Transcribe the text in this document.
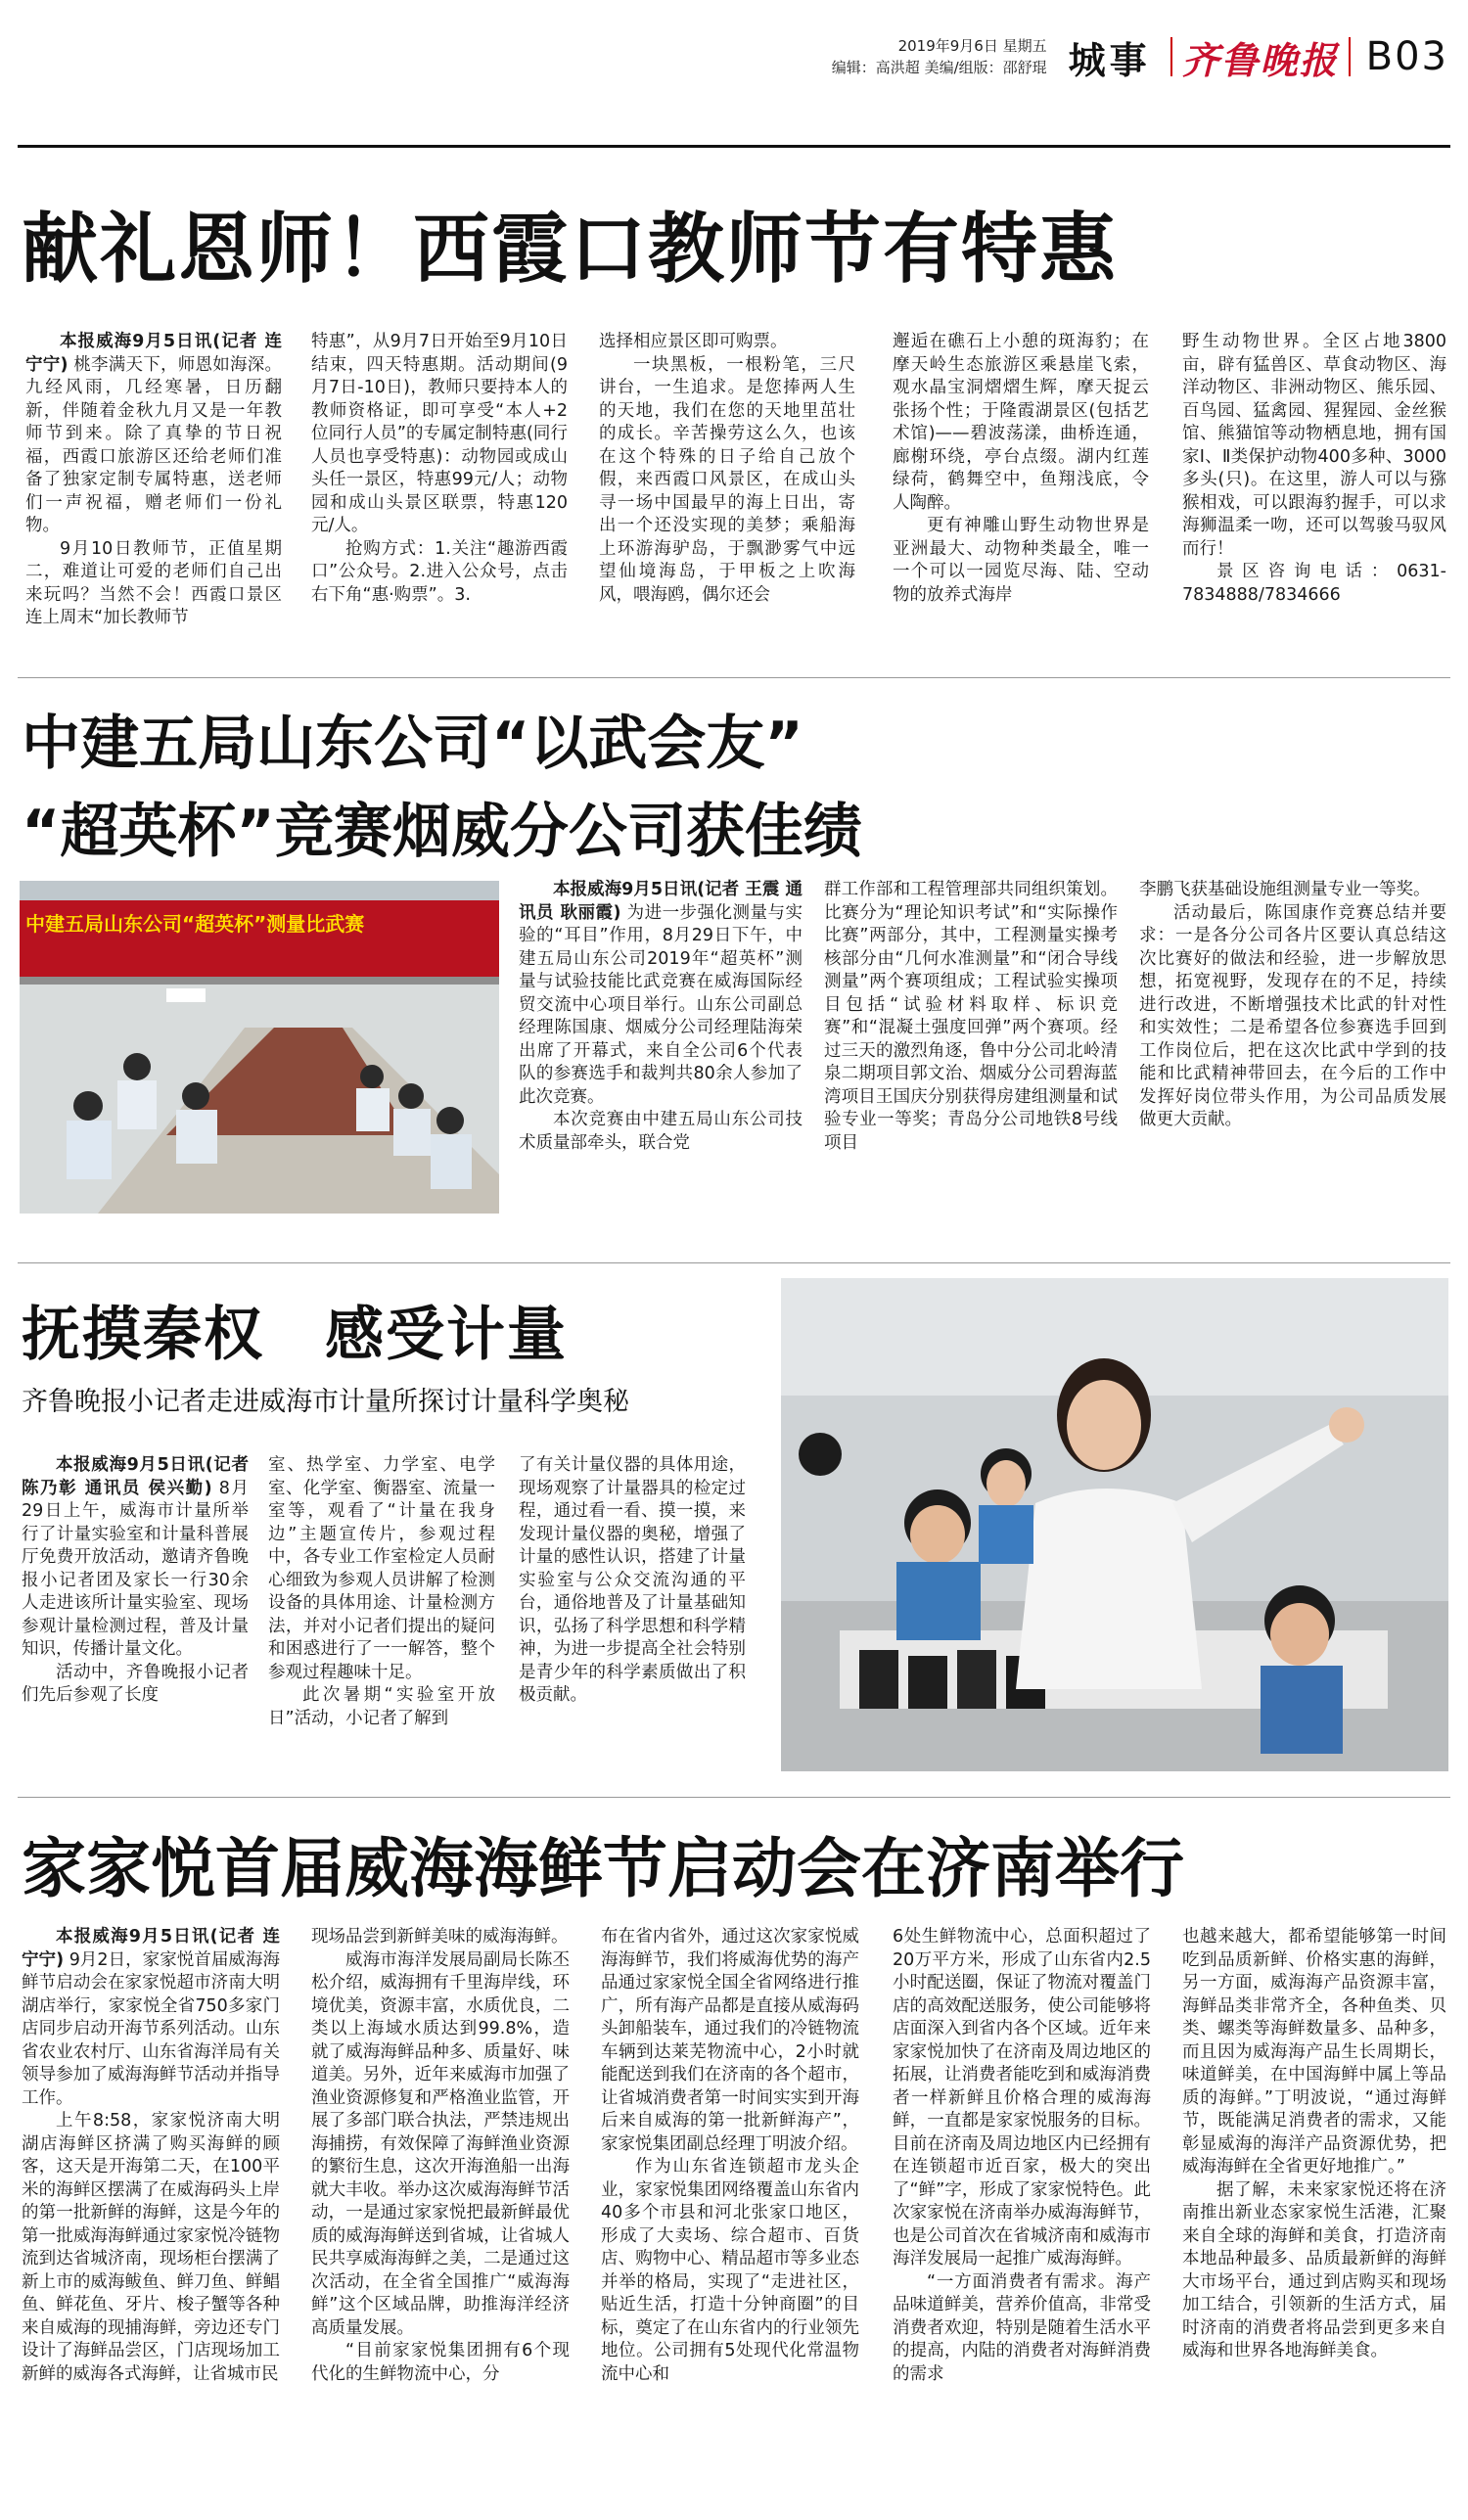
2019年9月6日 星期五
编辑：高洪超 美编/组版：邵舒琨 城事 齐鲁晚报 B03
献礼恩师！西霞口教师节有特惠

本报威海9月5日讯(记者 连宁宁) 桃李满天下，师恩如海深。九经风雨，几经寒暑，日历翻新，伴随着金秋九月又是一年教师节到来。除了真挚的节日祝福，西霞口旅游区还给老师们准备了独家定制专属特惠，送老师们一声祝福，赠老师们一份礼物。

9月10日教师节，正值星期二，难道让可爱的老师们自己出来玩吗？当然不会！西霞口景区连上周末“加长教师节

特惠”，从9月7日开始至9月10日结束，四天特惠期。活动期间(9月7日-10日)，教师只要持本人的教师资格证，即可享受“本人+2位同行人员”的专属定制特惠(同行人员也享受特惠)：动物园或成山头任一景区，特惠99元/人；动物园和成山头景区联票，特惠120元/人。

抢购方式：1.关注“趣游西霞口”公众号。2.进入公众号，点击右下角“惠·购票”。3.

选择相应景区即可购票。

一块黑板，一根粉笔，三尺讲台，一生追求。是您捧两人生的天地，我们在您的天地里茁壮的成长。辛苦操劳这么久，也该在这个特殊的日子给自己放个假，来西霞口风景区，在成山头寻一场中国最早的海上日出，寄出一个还没实现的美梦；乘船海上环游海驴岛，于飘渺雾气中远望仙境海岛，于甲板之上吹海风，喂海鸥，偶尔还会

邂逅在礁石上小憩的斑海豹；在摩天岭生态旅游区乘悬崖飞索，观水晶宝洞熠熠生辉，摩天捉云张扬个性；于隆霞湖景区(包括艺术馆)——碧波荡漾，曲桥连通，廊榭环绕，亭台点缀。湖内红莲绿荷，鹤舞空中，鱼翔浅底，令人陶醉。

更有神雕山野生动物世界是亚洲最大、动物种类最全，唯一一个可以一园览尽海、陆、空动物的放养式海岸

野生动物世界。全区占地3800亩，辟有猛兽区、草食动物区、海洋动物区、非洲动物区、熊乐园、百鸟园、猛禽园、猩猩园、金丝猴馆、熊猫馆等动物栖息地，拥有国家Ⅰ、Ⅱ类保护动物400多种、3000多头(只)。在这里，游人可以与猕猴相戏，可以跟海豹握手，可以求海狮温柔一吻，还可以驾骏马驭风而行！

景区咨询电话：0631-7834888/7834666

中建五局山东公司“以武会友”
“超英杯”竞赛烟威分公司获佳绩
中建五局山东公司“超英杯”测量比武赛

本报威海9月5日讯(记者 王震 通讯员 耿丽霞) 为进一步强化测量与实验的“耳目”作用，8月29日下午，中建五局山东公司2019年“超英杯”测量与试验技能比武竞赛在威海国际经贸交流中心项目举行。山东公司副总经理陈国康、烟威分公司经理陆海荣出席了开幕式，来自全公司6个代表队的参赛选手和裁判共80余人参加了此次竞赛。

本次竞赛由中建五局山东公司技术质量部牵头，联合党

群工作部和工程管理部共同组织策划。比赛分为“理论知识考试”和“实际操作比赛”两部分，其中，工程测量实操考核部分由“几何水准测量”和“闭合导线测量”两个赛项组成；工程试验实操项目包括“试验材料取样、标识竞赛”和“混凝土强度回弹”两个赛项。经过三天的激烈角逐，鲁中分公司北岭清泉二期项目郭文治、烟威分公司碧海蓝湾项目王国庆分别获得房建组测量和试验专业一等奖；青岛分公司地铁8号线项目

李鹏飞获基础设施组测量专业一等奖。

活动最后，陈国康作竞赛总结并要求：一是各分公司各片区要认真总结这次比赛好的做法和经验，进一步解放思想，拓宽视野，发现存在的不足，持续进行改进，不断增强技术比武的针对性和实效性；二是希望各位参赛选手回到工作岗位后，把在这次比武中学到的技能和比武精神带回去，在今后的工作中发挥好岗位带头作用，为公司品质发展做更大贡献。

抚摸秦权　感受计量
齐鲁晚报小记者走进威海市计量所探讨计量科学奥秘

本报威海9月5日讯(记者 陈乃彰 通讯员 侯兴勤) 8月29日上午，威海市计量所举行了计量实验室和计量科普展厅免费开放活动，邀请齐鲁晚报小记者团及家长一行30余人走进该所计量实验室、现场参观计量检测过程，普及计量知识，传播计量文化。

活动中，齐鲁晚报小记者们先后参观了长度

室、热学室、力学室、电学室、化学室、衡器室、流量一室等，观看了“计量在我身边”主题宣传片，参观过程中，各专业工作室检定人员耐心细致为参观人员讲解了检测设备的具体用途、计量检测方法，并对小记者们提出的疑问和困惑进行了一一解答，整个参观过程趣味十足。

此次暑期“实验室开放日”活动，小记者了解到

了有关计量仪器的具体用途，现场观察了计量器具的检定过程，通过看一看、摸一摸，来发现计量仪器的奥秘，增强了计量的感性认识，搭建了计量实验室与公众交流沟通的平台，通俗地普及了计量基础知识，弘扬了科学思想和科学精神，为进一步提高全社会特别是青少年的科学素质做出了积极贡献。

家家悦首届威海海鲜节启动会在济南举行

本报威海9月5日讯(记者 连宁宁) 9月2日，家家悦首届威海海鲜节启动会在家家悦超市济南大明湖店举行，家家悦全省750多家门店同步启动开海节系列活动。山东省农业农村厅、山东省海洋局有关领导参加了威海海鲜节活动并指导工作。

上午8:58，家家悦济南大明湖店海鲜区挤满了购买海鲜的顾客，这天是开海第二天，在100平米的海鲜区摆满了在威海码头上岸的第一批新鲜的海鲜，这是今年的第一批威海海鲜通过家家悦冷链物流到达省城济南，现场柜台摆满了新上市的威海鲅鱼、鲜刀鱼、鲜鲳鱼、鲜花鱼、牙片、梭子蟹等各种来自威海的现捕海鲜，旁边还专门设计了海鲜品尝区，门店现场加工新鲜的威海各式海鲜，让省城市民

现场品尝到新鲜美味的威海海鲜。

威海市海洋发展局副局长陈丕松介绍，威海拥有千里海岸线，环境优美，资源丰富，水质优良，二类以上海域水质达到99.8%，造就了威海海鲜品种多、质量好、味道美。另外，近年来威海市加强了渔业资源修复和严格渔业监管，开展了多部门联合执法，严禁违规出海捕捞，有效保障了海鲜渔业资源的繁衍生息，这次开海渔船一出海就大丰收。举办这次威海海鲜节活动，一是通过家家悦把最新鲜最优质的威海海鲜送到省城，让省城人民共享威海海鲜之美，二是通过这次活动，在全省全国推广“威海海鲜”这个区域品牌，助推海洋经济高质量发展。

“目前家家悦集团拥有6个现代化的生鲜物流中心，分

布在省内省外，通过这次家家悦威海海鲜节，我们将威海优势的海产品通过家家悦全国全省网络进行推广，所有海产品都是直接从威海码头卸船装车，通过我们的冷链物流车辆到达莱芜物流中心，2小时就能配送到我们在济南的各个超市，让省城消费者第一时间实实到开海后来自威海的第一批新鲜海产”，家家悦集团副总经理丁明波介绍。

作为山东省连锁超市龙头企业，家家悦集团网络覆盖山东省内40多个市县和河北张家口地区，形成了大卖场、综合超市、百货店、购物中心、精品超市等多业态并举的格局，实现了“走进社区，贴近生活，打造十分钟商圈”的目标，奠定了在山东省内的行业领先地位。公司拥有5处现代化常温物流中心和

6处生鲜物流中心，总面积超过了20万平方米，形成了山东省内2.5小时配送圈，保证了物流对覆盖门店的高效配送服务，使公司能够将店面深入到省内各个区域。近年来家家悦加快了在济南及周边地区的拓展，让消费者能吃到和威海消费者一样新鲜且价格合理的威海海鲜，一直都是家家悦服务的目标。目前在济南及周边地区内已经拥有在连锁超市近百家，极大的突出了“鲜”字，形成了家家悦特色。此次家家悦在济南举办威海海鲜节，也是公司首次在省城济南和威海市海洋发展局一起推广威海海鲜。

“一方面消费者有需求。海产品味道鲜美，营养价值高，非常受消费者欢迎，特别是随着生活水平的提高，内陆的消费者对海鲜消费的需求

也越来越大，都希望能够第一时间吃到品质新鲜、价格实惠的海鲜，另一方面，威海海产品资源丰富，海鲜品类非常齐全，各种鱼类、贝类、螺类等海鲜数量多、品种多，而且因为威海海产品生长周期长，味道鲜美，在中国海鲜中属上等品质的海鲜。”丁明波说，“通过海鲜节，既能满足消费者的需求，又能彰显威海的海洋产品资源优势，把威海海鲜在全省更好地推广。”

据了解，未来家家悦还将在济南推出新业态家家悦生活港，汇聚来自全球的海鲜和美食，打造济南本地品种最多、品质最新鲜的海鲜大市场平台，通过到店购买和现场加工结合，引领新的生活方式，届时济南的消费者将品尝到更多来自威海和世界各地海鲜美食。
